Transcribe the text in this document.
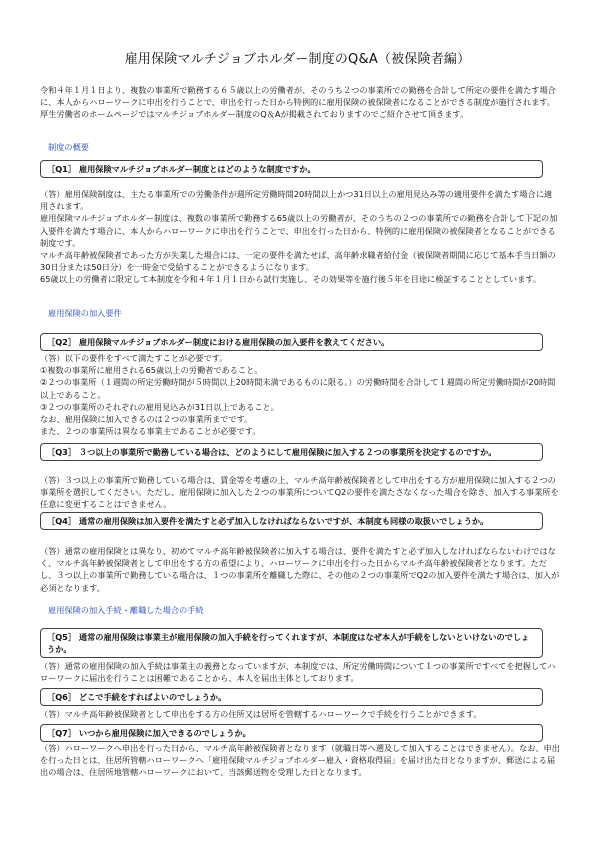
雇用保険マルチジョブホルダー制度のQ&A（被保険者編）

令和４年１月１日より、複数の事業所で勤務する６５歳以上の労働者が、そのうち２つの事業所での勤務を合計して所定の要件を満たす場合に、本人からハローワークに申出を行うことで、申出を行った日から特例的に雇用保険の被保険者になることができる制度が施行されます。厚生労働省のホームページではマルチジョブホルダー制度のQ＆Aが掲載されておりますのでご紹介させて頂きます。

制度の概要
［Q1］ 雇用保険マルチジョブホルダー制度とはどのような制度ですか。

（答）雇用保険制度は、主たる事業所での労働条件が週所定労働時間20時間以上かつ31日以上の雇用見込み等の適用要件を満たす場合に適用されます。
雇用保険マルチジョブホルダー制度は、複数の事業所で勤務する65歳以上の労働者が、そのうちの２つの事業所での勤務を合計して下記の加入要件を満たす場合に、本人からハローワークに申出を行うことで、申出を行った日から、特例的に雇用保険の被保険者となることができる制度です。
マルチ高年齢被保険者であった方が失業した場合には、一定の要件を満たせば、高年齢求職者給付金（被保険者期間に応じて基本手当日額の30日分または50日分）を一時金で受給することができるようになります。
65歳以上の労働者に限定して本制度を令和４年１月１日から試行実施し、その効果等を施行後５年を目途に検証することとしています。

雇用保険の加入要件
［Q2］ 雇用保険マルチジョブホルダー制度における雇用保険の加入要件を教えてください。

（答）以下の要件をすべて満たすことが必要です。
①複数の事業所に雇用される65歳以上の労働者であること。
②２つの事業所（１週間の所定労働時間が５時間以上20時間未満であるものに限る。）の労働時間を合計して１週間の所定労働時間が20時間以上であること。
③２つの事業所のそれぞれの雇用見込みが31日以上であること。
なお、雇用保険に加入できるのは２つの事業所までです。
また、２つの事業所は異なる事業主であることが必要です。

［Q3］ ３つ以上の事業所で勤務している場合は、どのようにして雇用保険に加入する２つの事業所を決定するのですか。

（答）３つ以上の事業所で勤務している場合は、賃金等を考慮の上、マルチ高年齢被保険者として申出をする方が雇用保険に加入する２つの事業所を選択してください。ただし、雇用保険に加入した２つの事業所についてQ2の要件を満たさなくなった場合を除き、加入する事業所を任意に変更することはできません。

［Q4］ 通常の雇用保険は加入要件を満たすと必ず加入しなければならないですが、本制度も同様の取扱いでしょうか。

（答）通常の雇用保険とは異なり、初めてマルチ高年齢被保険者に加入する場合は、要件を満たすと必ず加入しなければならないわけではなく、マルチ高年齢被保険者として申出をする方の希望により、ハローワークに申出を行った日からマルチ高年齢被保険者となります。ただし、３つ以上の事業所で勤務している場合は、１つの事業所を離職した際に、その他の２つの事業所でQ2の加入要件を満たす場合は、加入が必須となります。

雇用保険の加入手続・離職した場合の手続
［Q5］ 通常の雇用保険は事業主が雇用保険の加入手続を行ってくれますが、本制度はなぜ本人が手続をしないといけないのでしょうか。

（答）通常の雇用保険の加入手続は事業主の義務となっていますが、本制度では、所定労働時間について１つの事業所ですべてを把握してハローワークに届出を行うことは困難であることから、本人を届出主体としております。

［Q6］ どこで手続をすればよいのでしょうか。

（答）マルチ高年齢被保険者として申出をする方の住所又は居所を管轄するハローワークで手続を行うことができます。

［Q7］ いつから雇用保険に加入できるのでしょうか。

（答）ハローワークへ申出を行った日から、マルチ高年齢被保険者となります（就職日等へ遡及して加入することはできません）。なお、申出を行った日とは、住居所管轄ハローワークへ「雇用保険マルチジョブホルダー雇入・資格取得届」を届け出た日となりますが、郵送による届出の場合は、住居所地管轄ハローワークにおいて、当該郵送物を受理した日となります。
